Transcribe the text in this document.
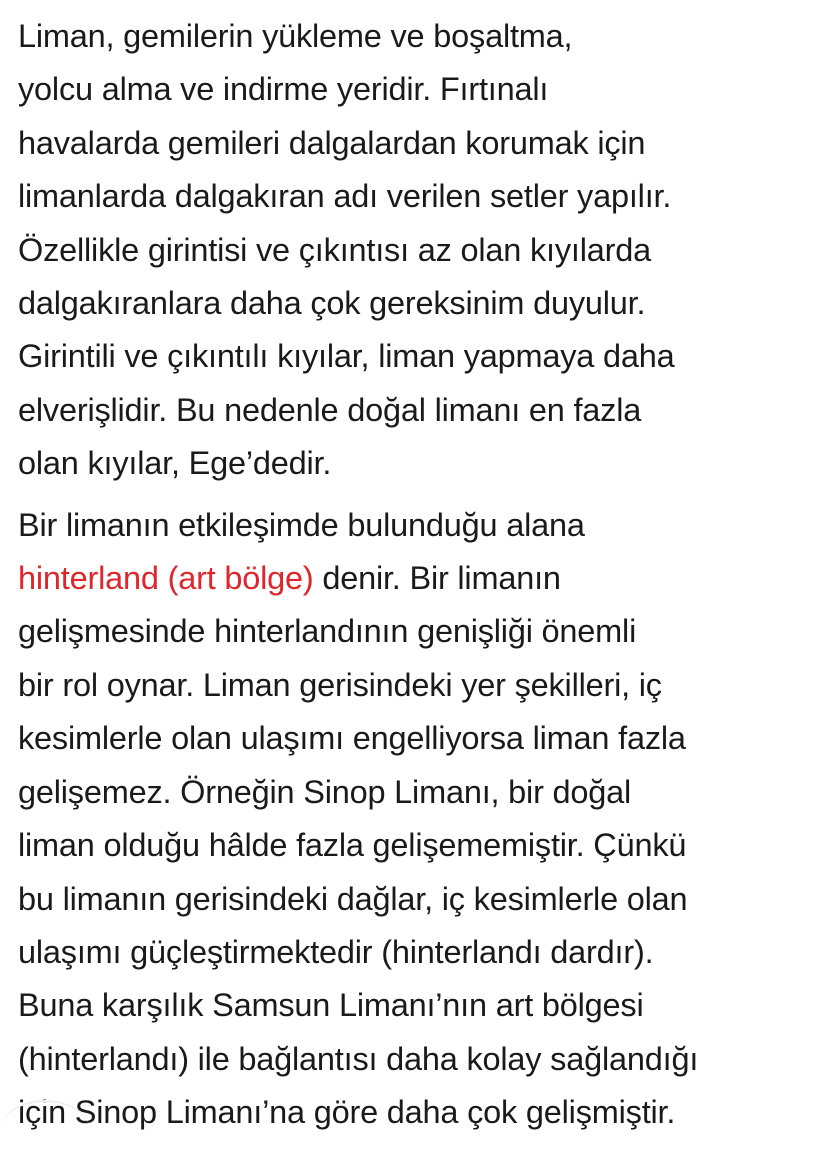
Liman, gemilerin yükleme ve boşaltma,
yolcu alma ve indirme yeridir. Fırtınalı
havalarda gemileri dalgalardan korumak için
limanlarda dalgakıran adı verilen setler yapılır.
Özellikle girintisi ve çıkıntısı az olan kıyılarda
dalgakıranlara daha çok gereksinim duyulur.
Girintili ve çıkıntılı kıyılar, liman yapmaya daha
elverişlidir. Bu nedenle doğal limanı en fazla
olan kıyılar, Ege’dedir.

Bir limanın etkileşimde bulunduğu alana
hinterland (art bölge) denir. Bir limanın
gelişmesinde hinterlandının genişliği önemli
bir rol oynar. Liman gerisindeki yer şekilleri, iç
kesimlerle olan ulaşımı engelliyorsa liman fazla
gelişemez. Örneğin Sinop Limanı, bir doğal
liman olduğu hâlde fazla gelişememiştir. Çünkü
bu limanın gerisindeki dağlar, iç kesimlerle olan
ulaşımı güçleştirmektedir (hinterlandı dardır).
Buna karşılık Samsun Limanı’nın art bölgesi
(hinterlandı) ile bağlantısı daha kolay sağlandığı
için Sinop Limanı’na göre daha çok gelişmiştir.
